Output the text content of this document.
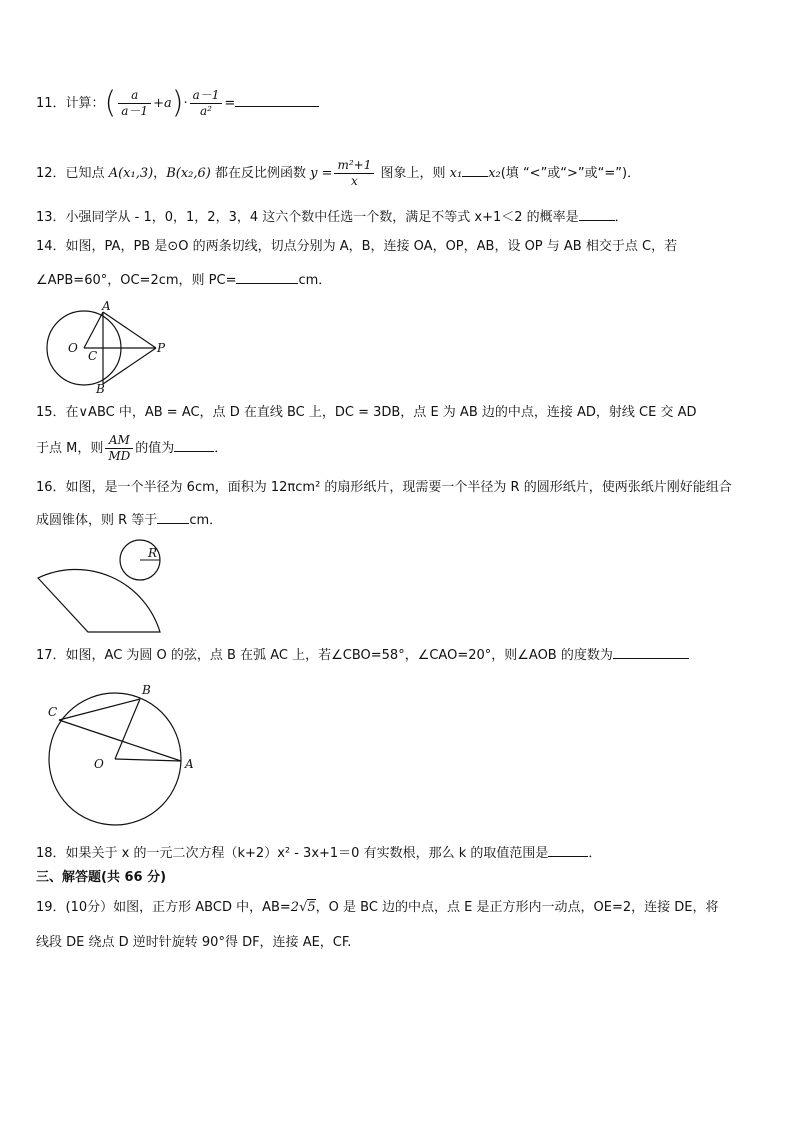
11．计算：( $\frac{a}{a-1} +a)\cdot \frac{a-1}{\text{a²}}$ =
12．已知点 A(x₁,3)，B(x₂,6) 都在反比例函数 $y = \frac{\text{m²+1}}{x}$ 图象上，则 x₁ x₂(填 “<”或“>”或“=”)．
13．小强同学从 - 1，0，1，2，3，4 这六个数中任选一个数，满足不等式 x+1＜2 的概率是	．
14．如图，PA，PB 是⊙O 的两条切线，切点分别为 A，B，连接 OA，OP，AB，设 OP 与 AB 相交于点 C，若
∠APB=60°，OC=2cm，则 PC=	cm．
A
O
C
P
B
15．在∨ABC 中，AB = AC，点 D 在直线 BC 上，DC = 3DB，点 E 为 AB 边的中点，连接 AD，射线 CE 交 AD
于点 M，则 $\frac{AM}{MD}$ 的值为	．
16．如图，是一个半径为 6cm，面积为 12πcm² 的扇形纸片，现需要一个半径为 R 的圆形纸片，使两张纸片刚好能组合
成圆锥体，则 R 等于 cm．
R
17．如图，AC 为圆 O 的弦，点 B 在弧 AC 上，若∠CBO=58°，∠CAO=20°，则∠AOB 的度数为
B
C
O	A
18．如果关于 x 的一元二次方程（k+2）x² - 3x+1＝0 有实数根，那么 k 的取值范围是	．
三、解答题(共 66 分)
19．(10分）如图，正方形 ABCD 中，AB=2√5，O 是 BC 边的中点，点 E 是正方形内一动点，OE=2，连接 DE，将
线段 DE 绕点 D 逆时针旋转 90°得 DF，连接 AE，CF.
